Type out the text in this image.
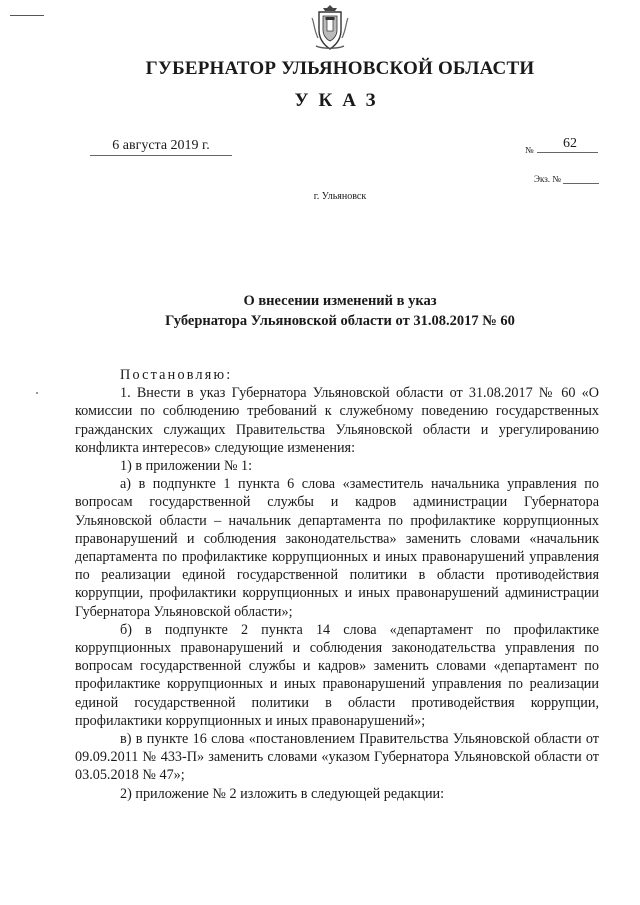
ГУБЕРНАТОР УЛЬЯНОВСКОЙ ОБЛАСТИ
УКАЗ
6 августа 2019 г.	№	62
Экз. №
г. Ульяновск
О внесении изменений в указ
Губернатора Ульяновской области от 31.08.2017 № 60

Постановляю:

1. Внести в указ Губернатора Ульяновской области от 31.08.2017 № 60 «О комиссии по соблюдению требований к служебному поведению государственных гражданских служащих Правительства Ульяновской области и урегулированию конфликта интересов» следующие изменения:

1) в приложении № 1:

а) в подпункте 1 пункта 6 слова «заместитель начальника управления по вопросам государственной службы и кадров администрации Губернатора Ульяновской области – начальник департамента по профилактике коррупционных правонарушений и соблюдения законодательства» заменить словами «начальник департамента по профилактике коррупционных и иных правонарушений управления по реализации единой государственной политики в области противодействия коррупции, профилактики коррупционных и иных правонарушений администрации Губернатора Ульяновской области»;

б) в подпункте 2 пункта 14 слова «департамент по профилактике коррупционных правонарушений и соблюдения законодательства управления по вопросам государственной службы и кадров» заменить словами «департамент по профилактике коррупционных и иных правонарушений управления по реализации единой государственной политики в области противодействия коррупции, профилактики коррупционных и иных правонарушений»;

в) в пункте 16 слова «постановлением Правительства Ульяновской области от 09.09.2011 № 433-П» заменить словами «указом Губернатора Ульяновской области от 03.05.2018 № 47»;

2) приложение № 2 изложить в следующей редакции:
